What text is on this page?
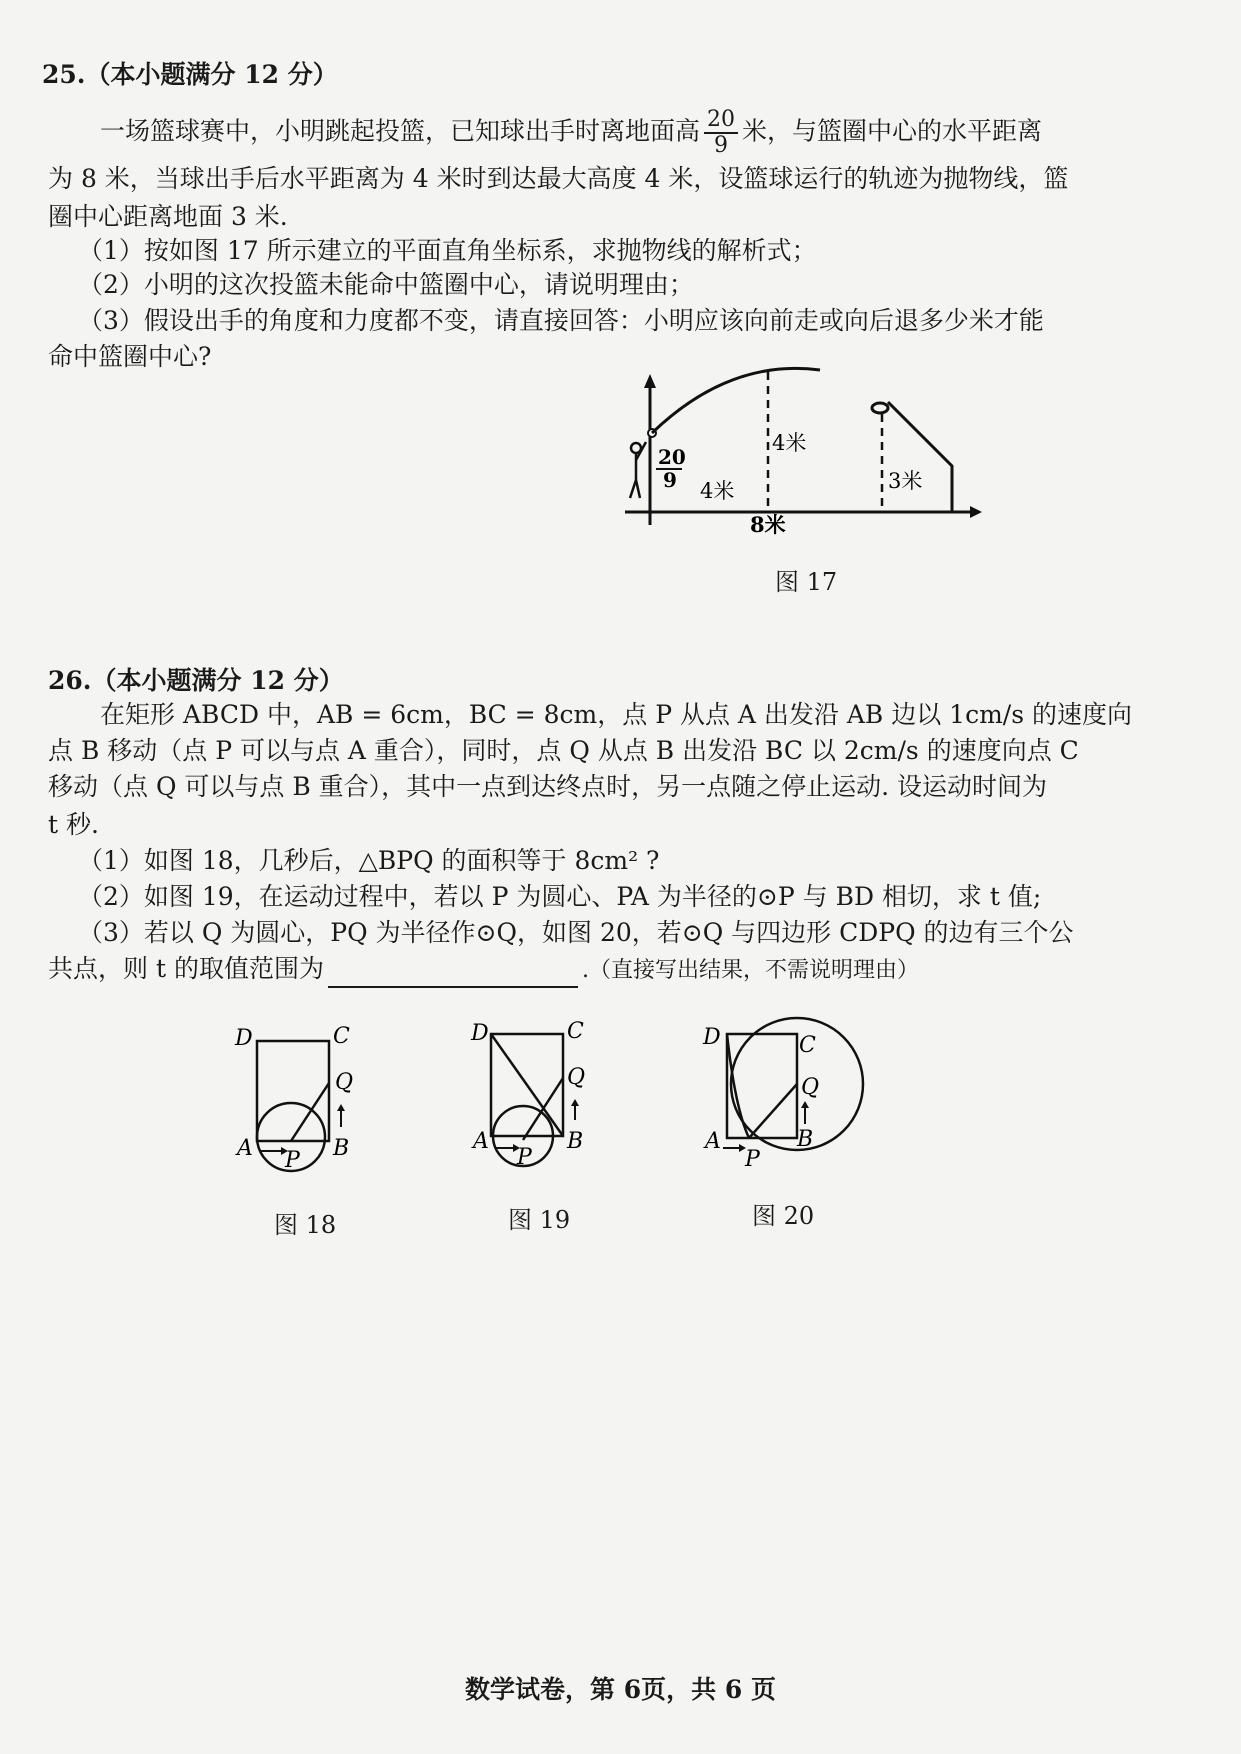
25.（本小题满分 12 分）
一场篮球赛中，小明跳起投篮，已知球出手时离地面高 $\frac{20}{9}$ 米，与篮圈中心的水平距离
为 8 米，当球出手后水平距离为 4 米时到达最大高度 4 米，设篮球运行的轨迹为抛物线，篮
圈中心距离地面 3 米.
（1）按如图 17 所示建立的平面直角坐标系，求抛物线的解析式；
（2）小明的这次投篮未能命中篮圈中心，请说明理由；
（3）假设出手的角度和力度都不变，请直接回答：小明应该向前走或向后退多少米才能
命中篮圈中心?
20
9 4米
4米
3米
8米
图 17
26.（本小题满分 12 分）
在矩形 ABCD 中，AB = 6cm，BC = 8cm，点 P 从点 A 出发沿 AB 边以 1cm/s 的速度向
点 B 移动（点 P 可以与点 A 重合），同时，点 Q 从点 B 出发沿 BC 以 2cm/s 的速度向点 C
移动（点 Q 可以与点 B 重合），其中一点到达终点时，另一点随之停止运动. 设运动时间为
t 秒.
（1）如图 18，几秒后，△BPQ 的面积等于 8cm² ?
（2）如图 19，在运动过程中，若以 P 为圆心、PA 为半径的⊙P 与 BD 相切，求 t 值;
（3）若以 Q 为圆心，PQ 为半径作⊙Q，如图 20，若⊙Q 与四边形 CDPQ 的边有三个公
共点，则 t 的取值范围为	.（直接写出结果，不需说明理由）
D	C
Q
A	B
P
图 18
D	C
Q
A	B
P
图 19
D	C
Q
A	B
P
图 20
数学试卷，第 6页，共 6 页
